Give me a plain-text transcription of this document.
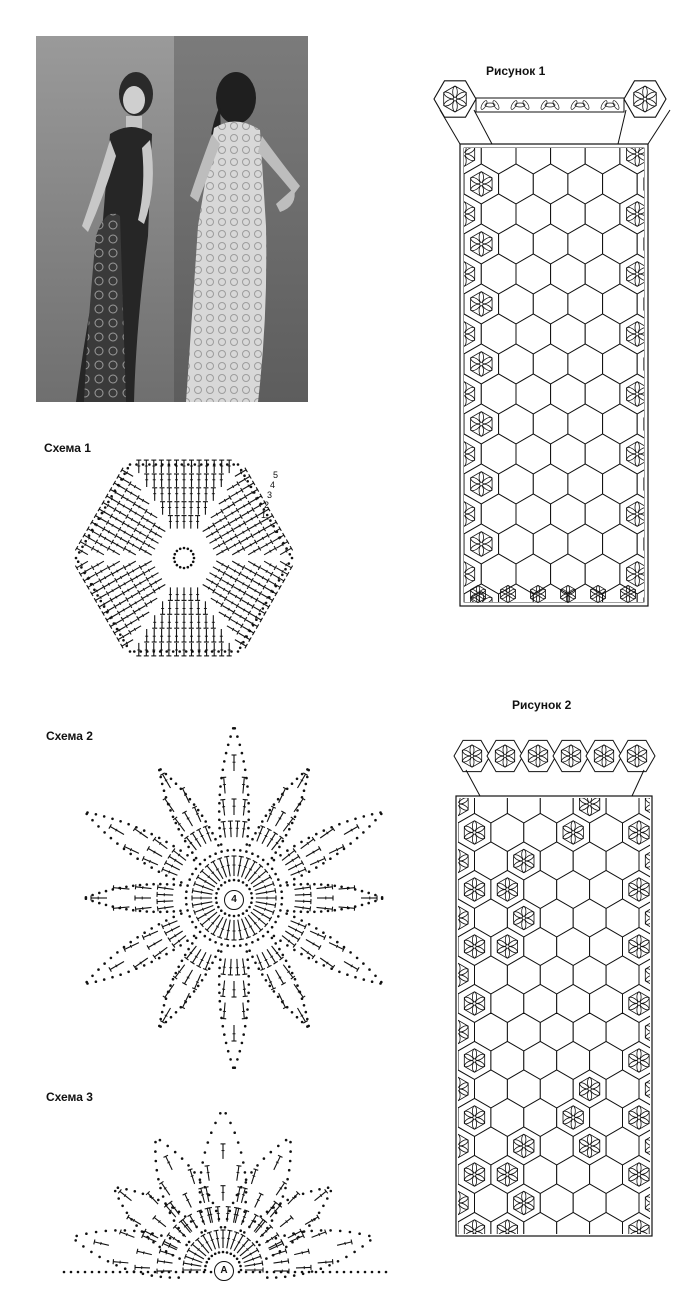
Рисунок 1
Схема 1
Схема 2
Рисунок 2
Схема 3
5
4
3
2
1
4
A
